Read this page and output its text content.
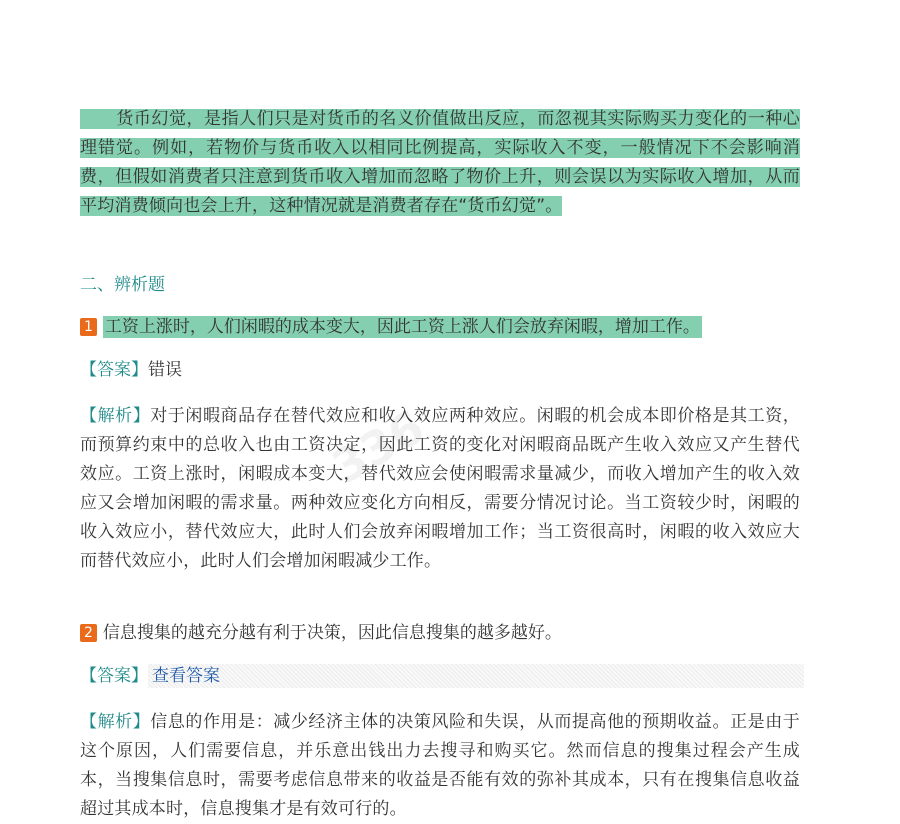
货币幻觉，是指人们只是对货币的名义价值做出反应，而忽视其实际购买力变化的一种心理错觉。例如，若物价与货币收入以相同比例提高，实际收入不变，一般情况下不会影响消费，但假如消费者只注意到货币收入增加而忽略了物价上升，则会误以为实际收入增加，从而平均消费倾向也会上升，这种情况就是消费者存在“货币幻觉”。
二、辨析题
1 工资上涨时，人们闲暇的成本变大，因此工资上涨人们会放弃闲暇，增加工作。
【答案】错误
【解析】对于闲暇商品存在替代效应和收入效应两种效应。闲暇的机会成本即价格是其工资，而预算约束中的总收入也由工资决定，因此工资的变化对闲暇商品既产生收入效应又产生替代效应。工资上涨时，闲暇成本变大，替代效应会使闲暇需求量减少，而收入增加产生的收入效应又会增加闲暇的需求量。两种效应变化方向相反，需要分情况讨论。当工资较少时，闲暇的收入效应小，替代效应大，此时人们会放弃闲暇增加工作；当工资很高时，闲暇的收入效应大而替代效应小，此时人们会增加闲暇减少工作。
2 信息搜集的越充分越有利于决策，因此信息搜集的越多越好。
【答案】 查看答案
【解析】信息的作用是：减少经济主体的决策风险和失误，从而提高他的预期收益。正是由于这个原因，人们需要信息，并乐意出钱出力去搜寻和购买它。然而信息的搜集过程会产生成本，当搜集信息时，需要考虑信息带来的收益是否能有效的弥补其成本，只有在搜集信息收益超过其成本时，信息搜集才是有效可行的。
336
